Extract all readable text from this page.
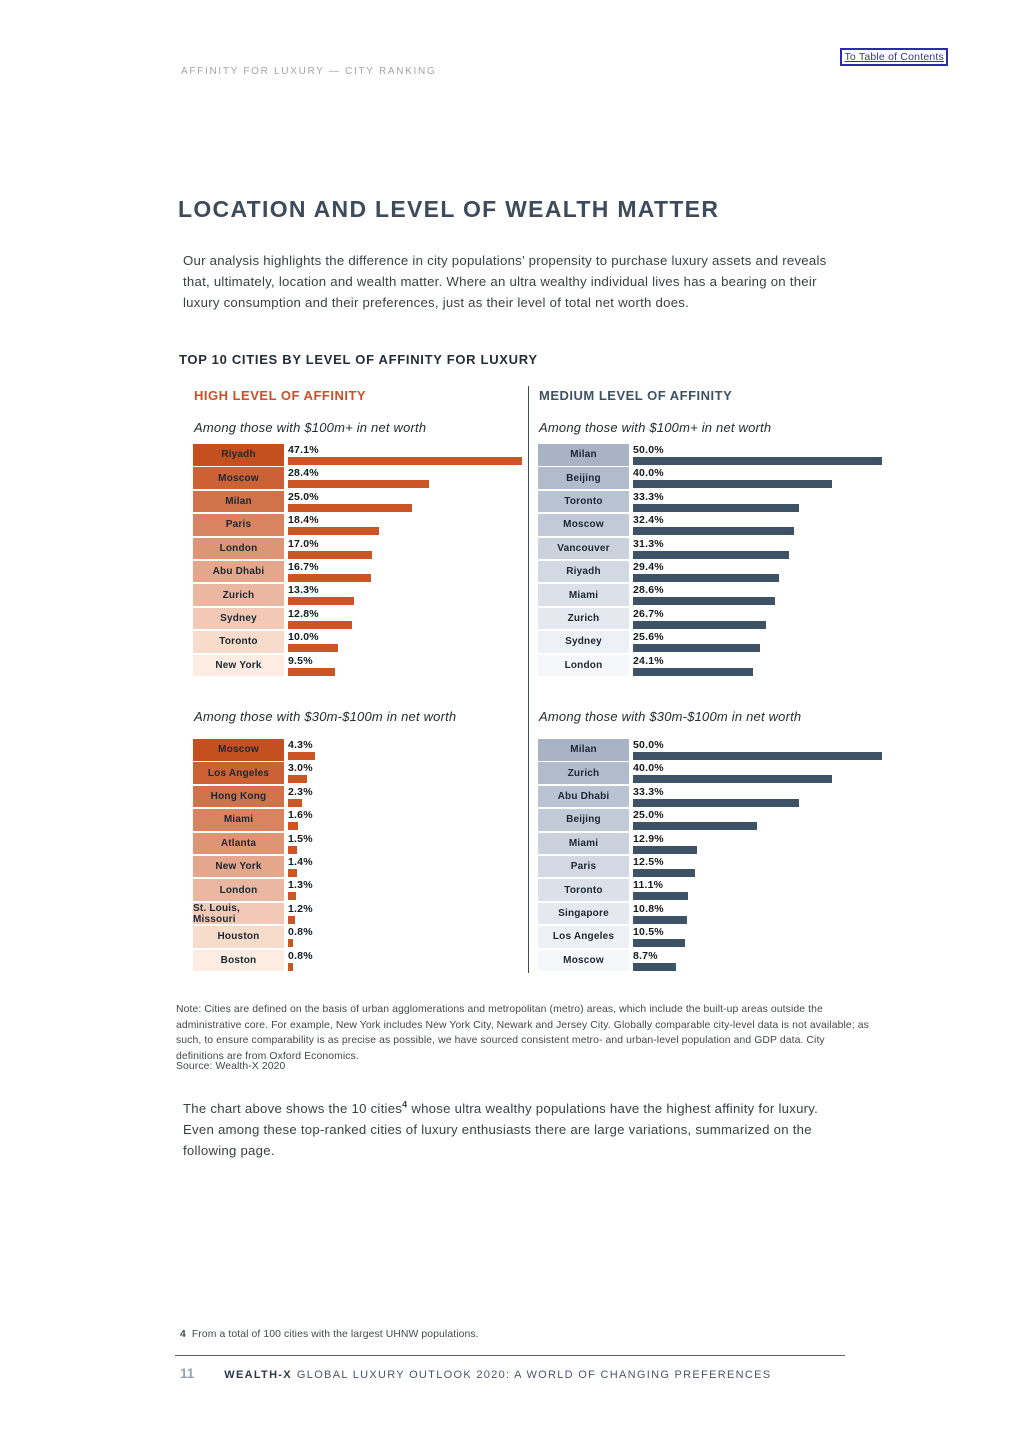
To Table of Contents
AFFINITY FOR LUXURY — CITY RANKING
LOCATION AND LEVEL OF WEALTH MATTER

Our analysis highlights the difference in city populations’ propensity to purchase luxury assets and reveals that, ultimately, location and wealth matter. Where an ultra wealthy individual lives has a bearing on their luxury consumption and their preferences, just as their level of total net worth does.

TOP 10 CITIES BY LEVEL OF AFFINITY FOR LUXURY
HIGH LEVEL OF AFFINITY
Among those with $100m+ in net worth
Riyadh	47.1%
Moscow	28.4%
Milan	25.0%
Paris	18.4%
London	17.0%
Abu Dhabi	16.7%
Zurich	13.3%
Sydney	12.8%
Toronto	10.0%
New York	9.5%
Among those with $30m-$100m in net worth
Moscow	4.3%
Los Angeles	3.0%
Hong Kong	2.3%
Miami	1.6%
Atlanta	1.5%
New York	1.4%
London	1.3%
St. Louis, Missouri
1.2%
Houston	0.8%
Boston	0.8%
MEDIUM LEVEL OF AFFINITY
Among those with $100m+ in net worth
Milan	50.0%
Beijing	40.0%
Toronto	33.3%
Moscow	32.4%
Vancouver	31.3%
Riyadh	29.4%
Miami	28.6%
Zurich	26.7%
Sydney	25.6%
London	24.1%
Among those with $30m-$100m in net worth
Milan	50.0%
Zurich	40.0%
Abu Dhabi	33.3%
Beijing	25.0%
Miami	12.9%
Paris	12.5%
Toronto	11.1%
Singapore	10.8%
Los Angeles	10.5%
Moscow	8.7%

Note: Cities are defined on the basis of urban agglomerations and metropolitan (metro) areas, which include the built-up areas outside the administrative core. For example, New York includes New York City, Newark and Jersey City. Globally comparable city-level data is not available; as such, to ensure comparability is as precise as possible, we have sourced consistent metro- and urban-level population and GDP data. City definitions are from Oxford Economics.

Source: Wealth-X 2020

The chart above shows the 10 cities$^4$ whose ultra wealthy populations have the highest affinity for luxury. Even among these top-ranked cities of luxury enthusiasts there are large variations, summarized on the following page.

4 From a total of 100 cities with the largest UHNW populations.

11	WEALTH-X GLOBAL LUXURY OUTLOOK 2020: A WORLD OF CHANGING PREFERENCES
